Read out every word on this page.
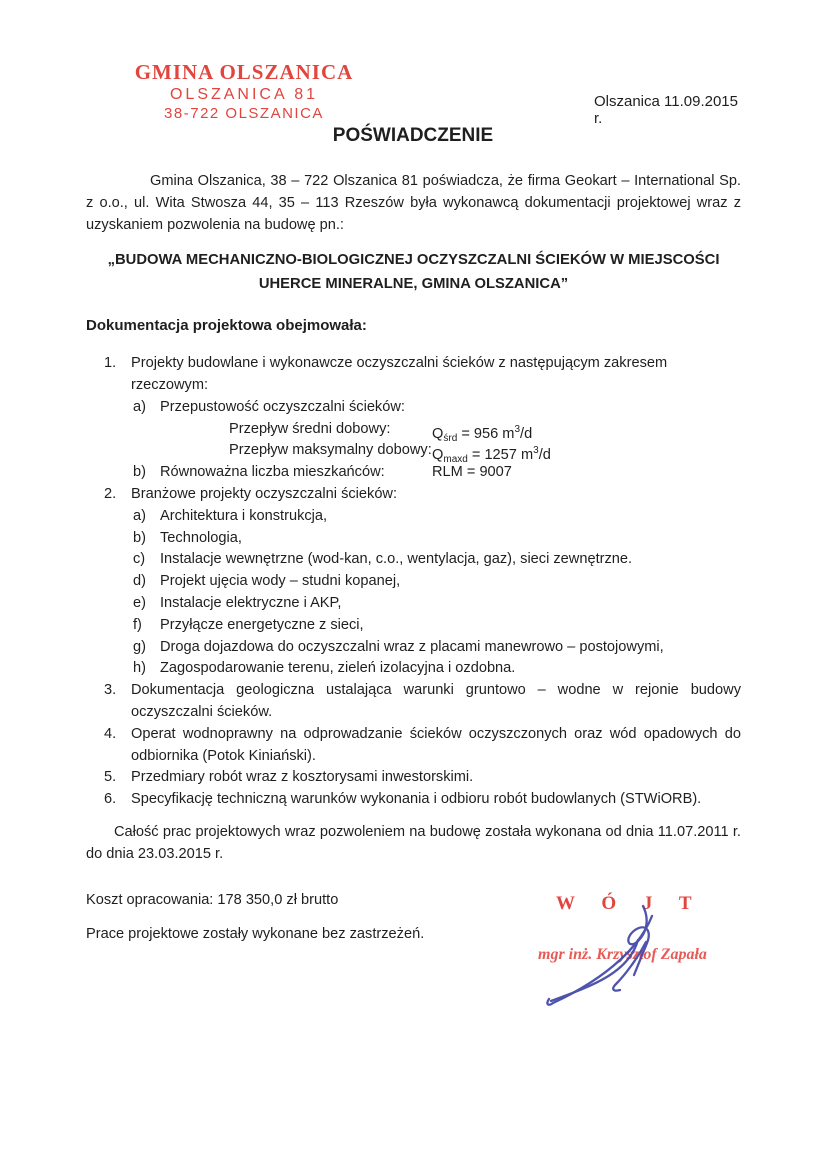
GMINA OLSZANICA
OLSZANICA 81
38-722 OLSZANICA
Olszanica 11.09.2015 r.
POŚWIADCZENIE

Gmina Olszanica, 38 – 722 Olszanica 81 poświadcza, że firma Geokart – International Sp. z o.o., ul. Wita Stwosza 44, 35 – 113 Rzeszów była wykonawcą dokumentacji projektowej wraz z uzyskaniem pozwolenia na budowę pn.:

„BUDOWA MECHANICZNO-BIOLOGICZNEJ OCZYSZCZALNI ŚCIEKÓW W MIEJSCOŚCI
UHERCE MINERALNE, GMINA OLSZANICA”
Dokumentacja projektowa obejmowała:
1. Projekty budowlane i wykonawcze oczyszczalni ścieków z następującym zakresem rzeczowym:
a) Przepustowość oczyszczalni ścieków:
Przepływ średni dobowy:	$Q_{śrd} = 956$ $m^3/d$
Przepływ maksymalny dobowy: $Q_{maxd} = 1257$ $m^3/d$
b) Równoważna liczba mieszkańców:	RLM = 9007
2. Branżowe projekty oczyszczalni ścieków:
a) Architektura i konstrukcja,
b) Technologia,
c) Instalacje wewnętrzne (wod-kan, c.o., wentylacja, gaz), sieci zewnętrzne.
d) Projekt ujęcia wody – studni kopanej,
e) Instalacje elektryczne i AKP,
f) Przyłącze energetyczne z sieci,
g) Droga dojazdowa do oczyszczalni wraz z placami manewrowo – postojowymi,
h) Zagospodarowanie terenu, zieleń izolacyjna i ozdobna.
3. Dokumentacja geologiczna ustalająca warunki gruntowo – wodne w rejonie budowy oczyszczalni ścieków.
4. Operat wodnoprawny na odprowadzanie ścieków oczyszczonych oraz wód opadowych do odbiornika (Potok Kiniański).
5. Przedmiary robót wraz z kosztorysami inwestorskimi.
6. Specyfikację techniczną warunków wykonania i odbioru robót budowlanych (STWiORB).

Całość prac projektowych wraz pozwoleniem na budowę została wykonana od dnia 11.07.2011 r. do dnia 23.03.2015 r.

Koszt opracowania: 178 350,0 zł brutto

Prace projektowe zostały wykonane bez zastrzeżeń.

W Ó J T
mgr inż. Krzysztof Zapała
